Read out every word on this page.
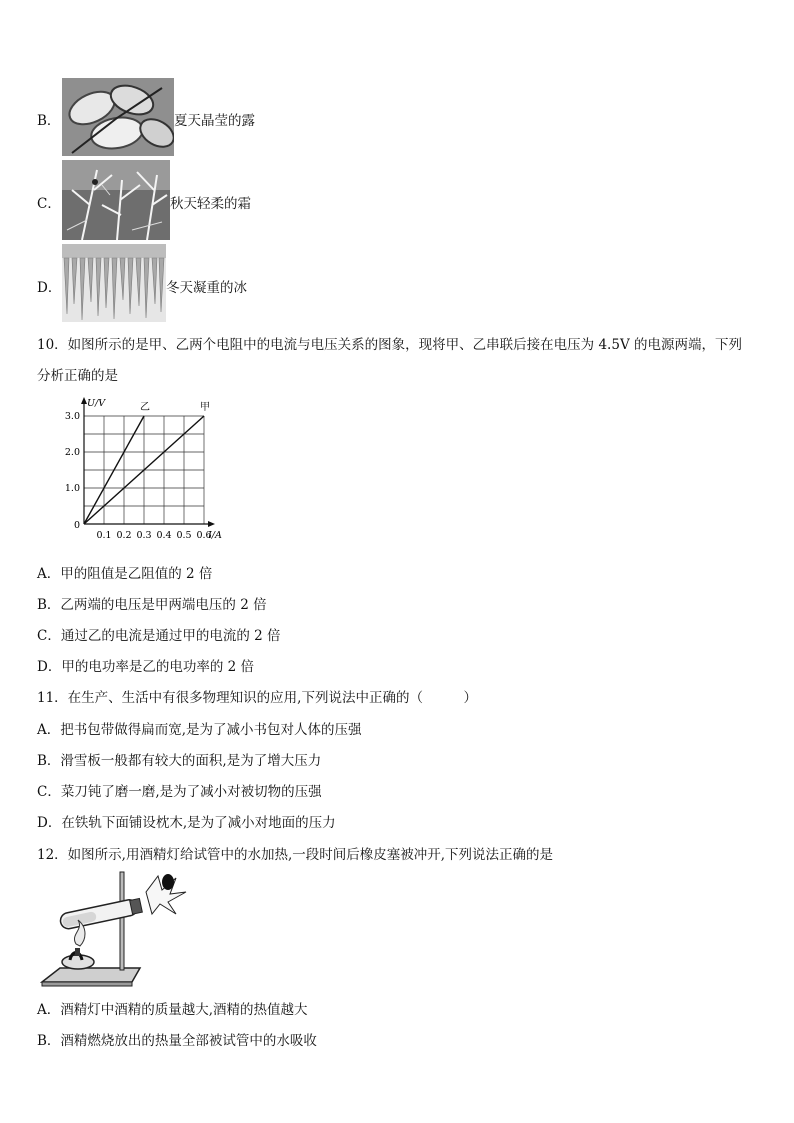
B．	夏天晶莹的露
C．	秋天轻柔的霜
D．	冬天凝重的冰
10．如图所示的是甲、乙两个电阻中的电流与电压关系的图象，现将甲、乙串联后接在电压为 4.5V 的电源两端，下列
分析正确的是
U/V
I/A
0
1.0
2.0
3.0
0.1 0.2 0.3 0.4 0.5 0.6
乙	甲
A．甲的阻值是乙阻值的 2 倍
B．乙两端的电压是甲两端电压的 2 倍
C．通过乙的电流是通过甲的电流的 2 倍
D．甲的电功率是乙的电功率的 2 倍
11．在生产、生活中有很多物理知识的应用,下列说法中正确的（　　　）
A．把书包带做得扁而宽,是为了减小书包对人体的压强
B．滑雪板一般都有较大的面积,是为了增大压力
C．菜刀钝了磨一磨,是为了减小对被切物的压强
D．在铁轨下面铺设枕木,是为了减小对地面的压力
12．如图所示,用酒精灯给试管中的水加热,一段时间后橡皮塞被冲开,下列说法正确的是
A．酒精灯中酒精的质量越大,酒精的热值越大
B．酒精燃烧放出的热量全部被试管中的水吸收
